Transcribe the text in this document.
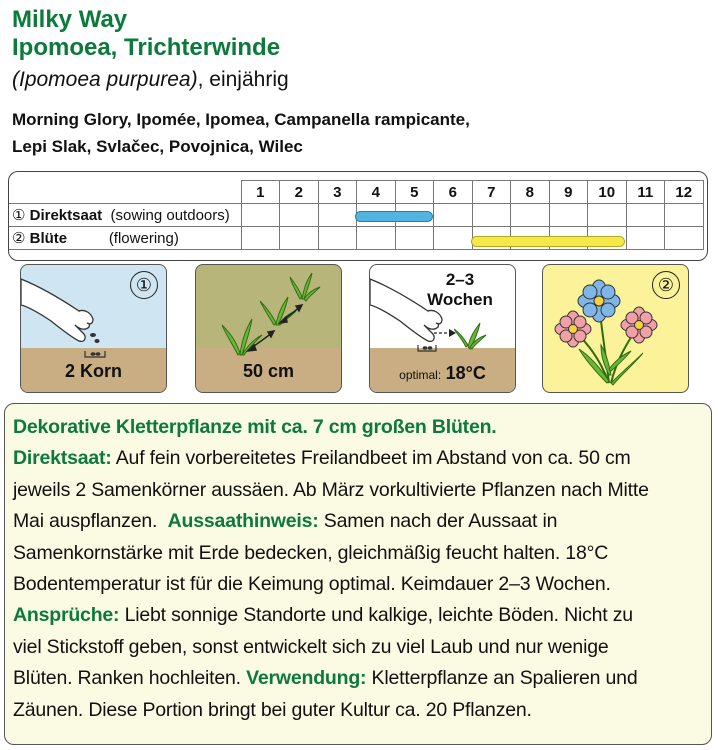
Milky Way
Ipomoea, Trichterwinde
(Ipomoea purpurea), einjährig
Morning Glory, Ipomée, Ipomea, Campanella rampicante,
Lepi Slak, Svlačec, Povojnica, Wilec
	1	2	3	4	5	6	7	8	9	10	11	12
① Direktsaat (sowing outdoors)												
② Blüte (flowering)												
①
2 Korn	50 cm
2–3
Wochen
optimal: 18°C
②

Dekorative Kletterpflanze mit ca. 7 cm großen Blüten.

Direktsaat: Auf fein vorbereitetes Freilandbeet im Abstand von ca. 50 cm

jeweils 2 Samenkörner aussäen. Ab März vorkultivierte Pflanzen nach Mitte

Mai auspflanzen.  Aussaathinweis: Samen nach der Aussaat in

Samenkornstärke mit Erde bedecken, gleichmäßig feucht halten. 18°C

Bodentemperatur ist für die Keimung optimal. Keimdauer 2–3 Wochen.

Ansprüche: Liebt sonnige Standorte und kalkige, leichte Böden. Nicht zu

viel Stickstoff geben, sonst entwickelt sich zu viel Laub und nur wenige

Blüten. Ranken hochleiten. Verwendung: Kletterpflanze an Spalieren und

Zäunen. Diese Portion bringt bei guter Kultur ca. 20 Pflanzen.
